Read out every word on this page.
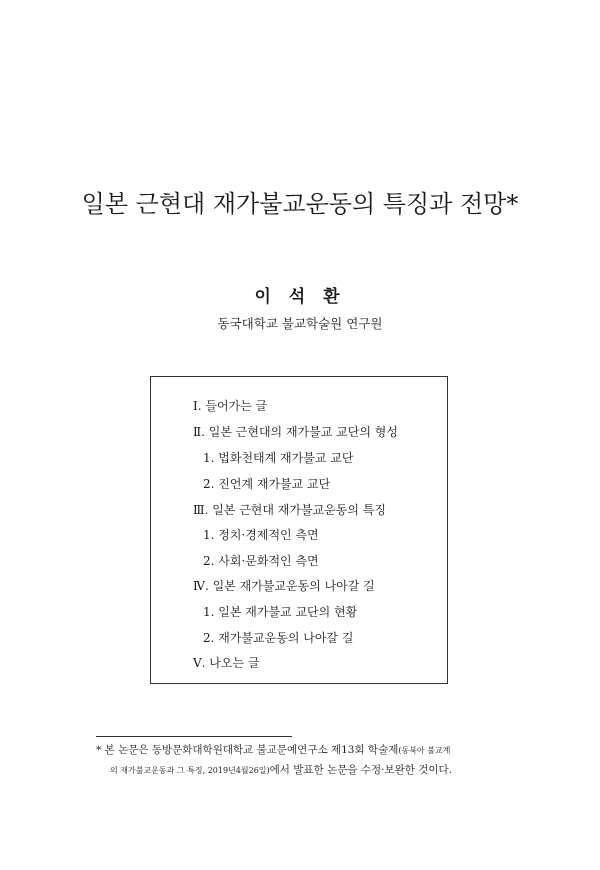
일본 근현대 재가불교운동의 특징과 전망*
이 석 환
동국대학교 불교학술원 연구원
Ⅰ. 들어가는 글
Ⅱ. 일본 근현대의 재가불교 교단의 형성
1. 법화천태계 재가불교 교단
2. 진언계 재가불교 교단
Ⅲ. 일본 근현대 재가불교운동의 특징
1. 정치·경제적인 측면
2. 사회·문화적인 측면
Ⅳ. 일본 재가불교운동의 나아갈 길
1. 일본 재가불교 교단의 현황
2. 재가불교운동의 나아갈 길
Ⅴ. 나오는 글
* 본 논문은 동방문화대학원대학교 불교문예연구소 제13회 학술제(동북아 불교계
의 재가불교운동과 그 특징, 2019년4월26일)에서 발표한 논문을 수정·보완한 것이다.
